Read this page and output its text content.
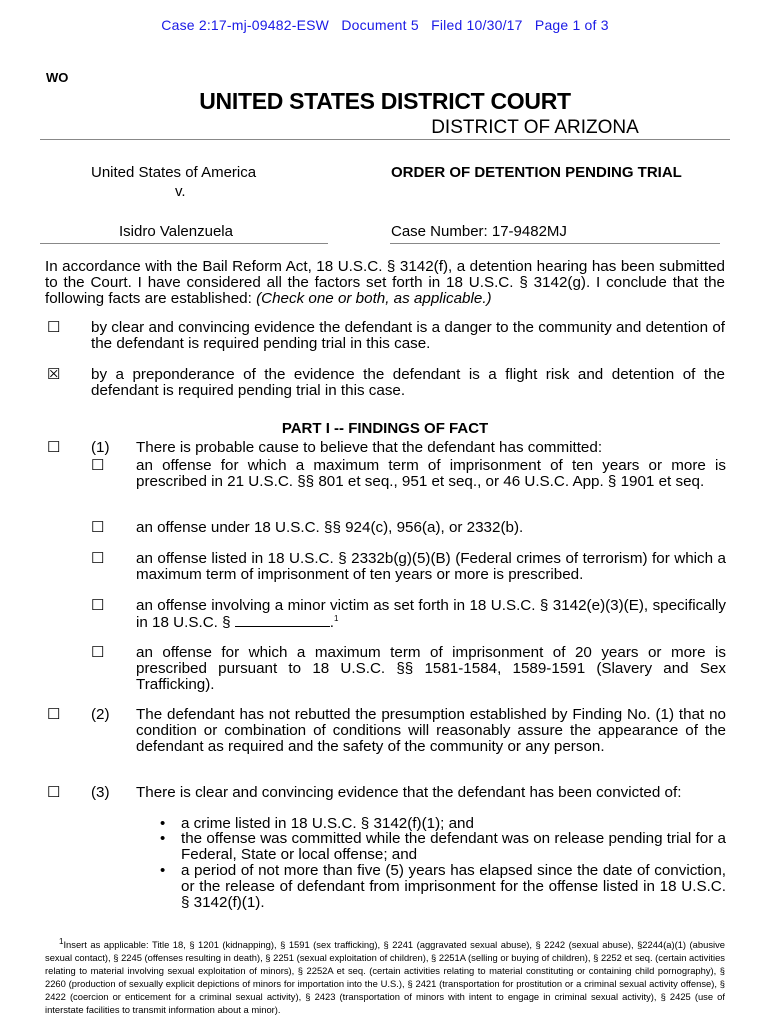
Case 2:17-mj-09482-ESW   Document 5   Filed 10/30/17   Page 1 of 3
WO
UNITED STATES DISTRICT COURT
DISTRICT OF ARIZONA
United States of America
v.
Isidro Valenzuela
ORDER OF DETENTION PENDING TRIAL
Case Number: 17-9482MJ
In accordance with the Bail Reform Act, 18 U.S.C. § 3142(f), a detention hearing has been submitted to the Court. I have considered all the factors set forth in 18 U.S.C. § 3142(g). I conclude that the following facts are established: (Check one or both, as applicable.)
☐ by clear and convincing evidence the defendant is a danger to the community and detention of the defendant is required pending trial in this case.
☒ by a preponderance of the evidence the defendant is a flight risk and detention of the defendant is required pending trial in this case.
PART I -- FINDINGS OF FACT
☐ (1) There is probable cause to believe that the defendant has committed:
☐ an offense for which a maximum term of imprisonment of ten years or more is prescribed in 21 U.S.C. §§ 801 et seq., 951 et seq., or 46 U.S.C. App. § 1901 et seq.
☐ an offense under 18 U.S.C. §§ 924(c), 956(a), or 2332(b).
☐ an offense listed in 18 U.S.C. § 2332b(g)(5)(B) (Federal crimes of terrorism) for which a maximum term of imprisonment of ten years or more is prescribed.
☐ an offense involving a minor victim as set forth in 18 U.S.C. § 3142(e)(3)(E), specifically in 18 U.S.C. §	.$^1$
☐ an offense for which a maximum term of imprisonment of 20 years or more is prescribed pursuant to 18 U.S.C. §§ 1581-1584, 1589-1591 (Slavery and Sex Trafficking).
☐ (2) The defendant has not rebutted the presumption established by Finding No. (1) that no condition or combination of conditions will reasonably assure the appearance of the defendant as required and the safety of the community or any person.
☐ (3) There is clear and convincing evidence that the defendant has been convicted of:
• a crime listed in 18 U.S.C. § 3142(f)(1); and
• the offense was committed while the defendant was on release pending trial for a Federal, State or local offense; and
• a period of not more than five (5) years has elapsed since the date of conviction, or the release of defendant from imprisonment for the offense listed in 18 U.S.C. § 3142(f)(1).
$^1$Insert as applicable: Title 18, § 1201 (kidnapping), § 1591 (sex trafficking), § 2241 (aggravated sexual abuse), § 2242 (sexual abuse), §2244(a)(1) (abusive sexual contact), § 2245 (offenses resulting in death), § 2251 (sexual exploitation of children), § 2251A (selling or buying of children), § 2252 et seq. (certain activities relating to material involving sexual exploitation of minors), § 2252A et seq. (certain activities relating to material constituting or containing child pornography), § 2260 (production of sexually explicit depictions of minors for importation into the U.S.), § 2421 (transportation for prostitution or a criminal sexual activity offense), § 2422 (coercion or enticement for a criminal sexual activity), § 2423 (transportation of minors with intent to engage in criminal sexual activity), § 2425 (use of interstate facilities to transmit information about a minor).
